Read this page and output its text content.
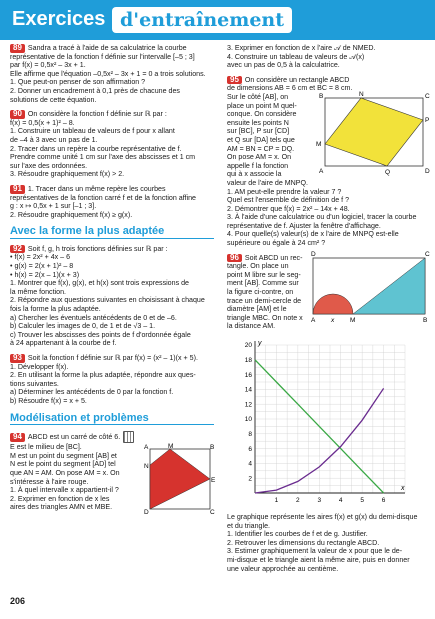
Exercices d'entraînement
89 Sandra a tracé à l'aide de sa calculatrice la courbe
représentative de la fonction f définie sur l'intervalle [–5 ; 3]
par f(x) = 0,5x² – 3x + 1.
Elle affirme que l'équation –0,5x² – 3x + 1 = 0 a trois solutions.
1. Que peut-on penser de son affirmation ?
2. Donner un encadrement à 0,1 près de chacune des
solutions de cette équation.
90 On considère la fonction f définie sur ℝ par :
f(x) = 0,5(x + 1)² – 8.
1. Construire un tableau de valeurs de f pour x allant
de –4 à 3 avec un pas de 1.
2. Tracer dans un repère la courbe représentative de f.
Prendre comme unité 1 cm sur l'axe des abscisses et 1 cm
sur l'axe des ordonnées.
3. Résoudre graphiquement f(x) > 2.
91 1. Tracer dans un même repère les courbes
représentatives de la fonction carré f et de la fonction affine
g : x ↦ 0,5x + 1 sur [–1 ; 3].
2. Résoudre graphiquement f(x) ≥ g(x).
Avec la forme la plus adaptée
92 Soit f, g, h trois fonctions définies sur ℝ par :
• f(x) = 2x² + 4x – 6
• g(x) = 2(x + 1)² – 8
• h(x) = 2(x – 1)(x + 3)
1. Montrer que f(x), g(x), et h(x) sont trois expressions de
la même fonction.
2. Répondre aux questions suivantes en choisissant à chaque
fois la forme la plus adaptée.
a) Chercher les éventuels antécédents de 0 et de –6.
b) Calculer les images de 0, de 1 et de √3 – 1.
c) Trouver les abscisses des points de f d'ordonnée égale
à 24 appartenant à la courbe de f.
93 Soit la fonction f définie sur ℝ par f(x) = (x² – 1)(x + 5).
1. Développer f(x).
2. En utilisant la forme la plus adaptée, répondre aux ques-
tions suivantes.
a) Déterminer les antécédents de 0 par la fonction f.
b) Résoudre f(x) = x + 5.
Modélisation et problèmes
94 ABCD est un carré de côté 6.
E est le milieu de [BC].
M est un point du segment [AB] et
N est le point du segment [AD] tel
que AN = AM. On pose AM = x. On
s'intéresse à l'aire rouge.
1. À quel intervalle x appartient-il ?
2. Exprimer en fonction de x les
aires des triangles AMN et MBE.
A	M	B
N
E
D	C
3. Exprimer en fonction de x l'aire 𝒜 de NMED.
4. Construire un tableau de valeurs de 𝒜(x)
avec un pas de 0,5 à la calculatrice.
95 On considère un rectangle ABCD
de dimensions AB = 6 cm et BC = 8 cm.
Sur le côté [AB], on
place un point M quel-
conque. On considère
ensuite les points N
sur [BC], P sur [CD]
et Q sur [DA] tels que
AM = BN = CP = DQ.
On pose AM = x. On
appelle f la fonction
qui à x associe la
valeur de l'aire de MNPQ.
1. AM peut-elle prendre la valeur 7 ?
Quel est l'ensemble de définition de f ?
2. Démontrer que f(x) = 2x² – 14x + 48.
3. À l'aide d'une calculatrice ou d'un logiciel, tracer la courbe
représentative de f. Ajuster la fenêtre d'affichage.
4. Pour quelle(s) valeur(s) de x l'aire de MNPQ est-elle
supérieure ou égale à 24 cm² ?
B	N	C
M
P
A	Q	D
96 Soit ABCD un rec-
tangle. On place un
point M libre sur le seg-
ment [AB]. Comme sur
la figure ci-contre, on
trace un demi-cercle de
diamètre [AM] et le
triangle MBC. On note x
la distance AM.
D	C
A x M	B
1	2	3	4	5	6
2
4
6
8
10
12
14
16
18
20
x
y
Le graphique représente les aires f(x) et g(x) du demi-disque
et du triangle.
1. Identifier les courbes de f et de g. Justifier.
2. Retrouver les dimensions du rectangle ABCD.
3. Estimer graphiquement la valeur de x pour que le de-
mi-disque et le triangle aient la même aire, puis en donner
une valeur approchée au centième.
206
